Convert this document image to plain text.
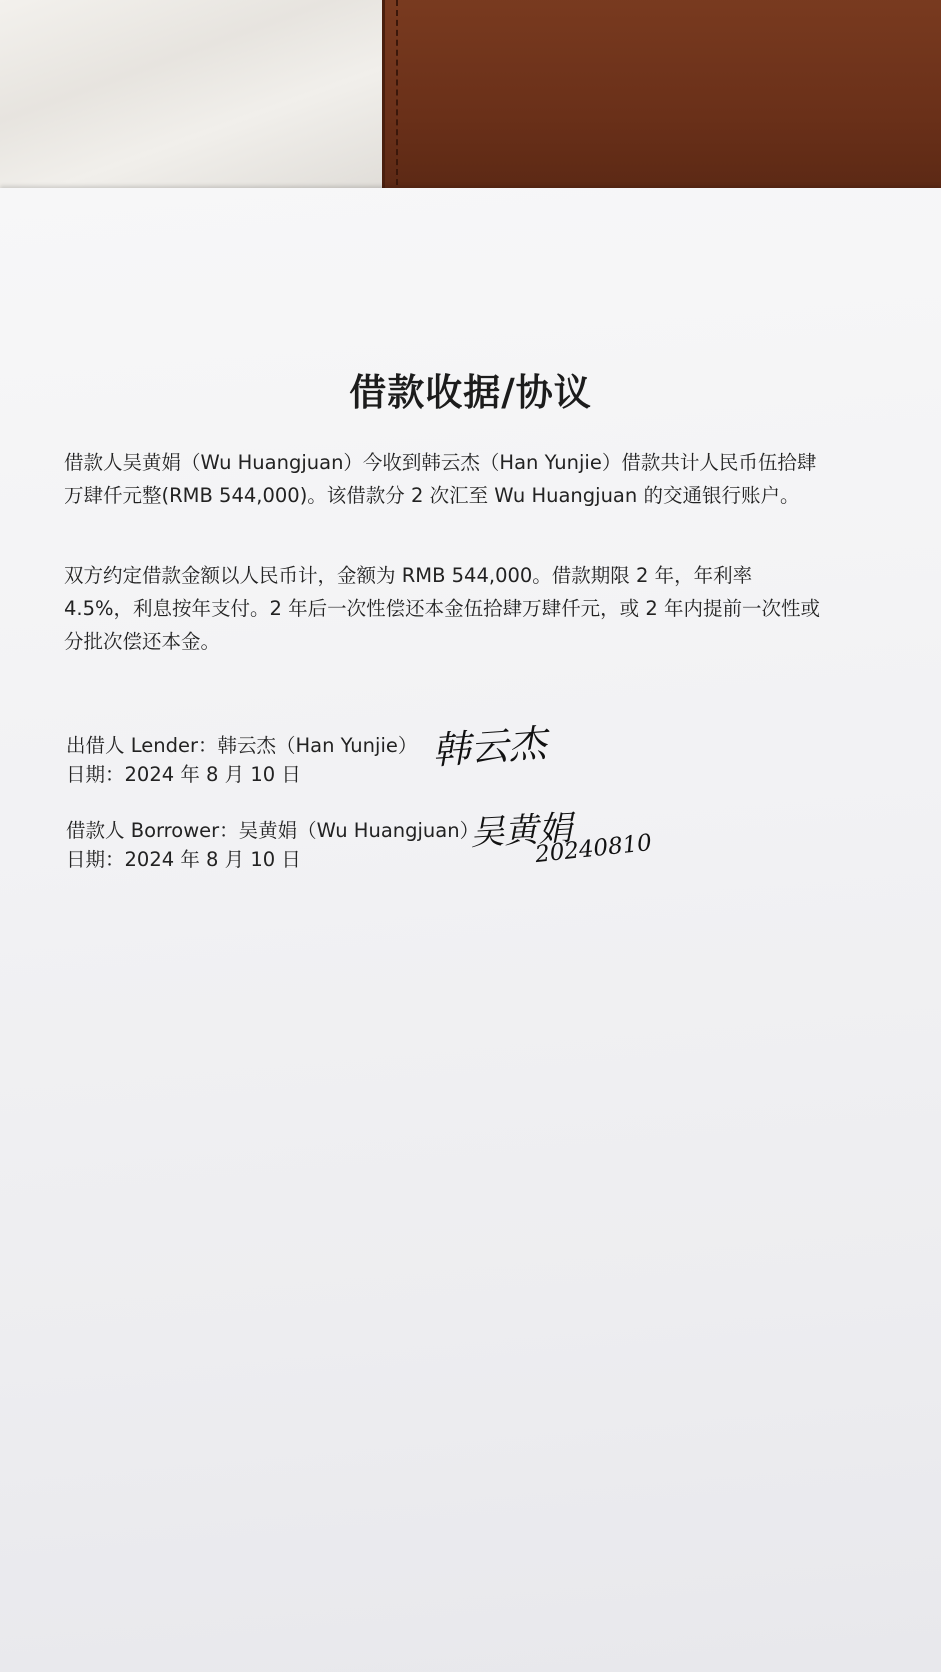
借款收据/协议

借款人吴黄娟（Wu Huangjuan）今收到韩云杰（Han Yunjie）借款共计人民币伍拾肆万肆仟元整(RMB 544,000)。该借款分 2 次汇至 Wu Huangjuan 的交通银行账户。

双方约定借款金额以人民币计，金额为 RMB 544,000。借款期限 2 年，年利率 4.5%，利息按年支付。2 年后一次性偿还本金伍拾肆万肆仟元，或 2 年内提前一次性或分批次偿还本金。

出借人 Lender：韩云杰（Han Yunjie） 韩云杰
日期：2024 年 8 月 10 日
借款人 Borrower：吴黄娟（Wu Huangjuan）
吴黄娟
20240810
日期：2024 年 8 月 10 日
